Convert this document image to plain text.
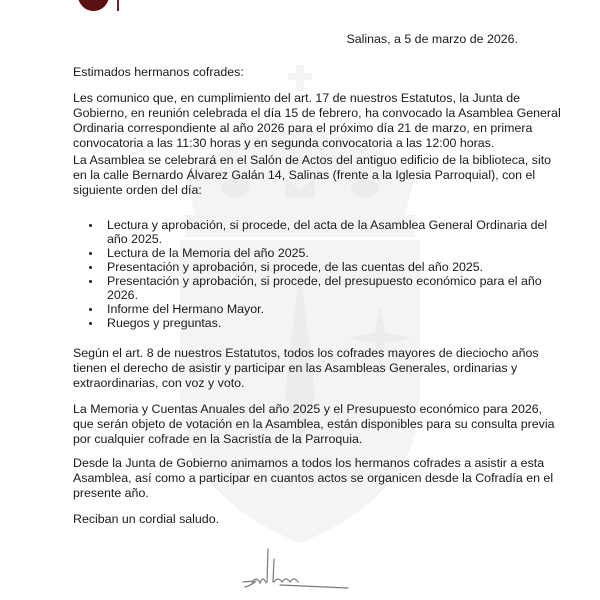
Salinas, a 5 de marzo de 2026.

Estimados hermanos cofrades:

Les comunico que, en cumplimiento del art. 17 de nuestros Estatutos, la Junta de
Gobierno, en reunión celebrada el día 15 de febrero, ha convocado la Asamblea General
Ordinaria correspondiente al año 2026 para el próximo día 21 de marzo, en primera
convocatoria a las 11:30 horas y en segunda convocatoria a las 12:00 horas.
La Asamblea se celebrará en el Salón de Actos del antiguo edificio de la biblioteca, sito
en la calle Bernardo Álvarez Galán 14, Salinas (frente a la Iglesia Parroquial), con el
siguiente orden del día:
Lectura y aprobación, si procede, del acta de la Asamblea General Ordinaria del
año 2025.
Lectura de la Memoria del año 2025.
Presentación y aprobación, si procede, de las cuentas del año 2025.
Presentación y aprobación, si procede, del presupuesto económico para el año
2026.
Informe del Hermano Mayor.
Ruegos y preguntas.
Según el art. 8 de nuestros Estatutos, todos los cofrades mayores de dieciocho años
tienen el derecho de asistir y participar en las Asambleas Generales, ordinarias y
extraordinarias, con voz y voto.
La Memoria y Cuentas Anuales del año 2025 y el Presupuesto económico para 2026,
que serán objeto de votación en la Asamblea, están disponibles para su consulta previa
por cualquier cofrade en la Sacristía de la Parroquia.
Desde la Junta de Gobierno animamos a todos los hermanos cofrades a asistir a esta
Asamblea, así como a participar en cuantos actos se organicen desde la Cofradía en el
presente año.

Reciban un cordial saludo.
